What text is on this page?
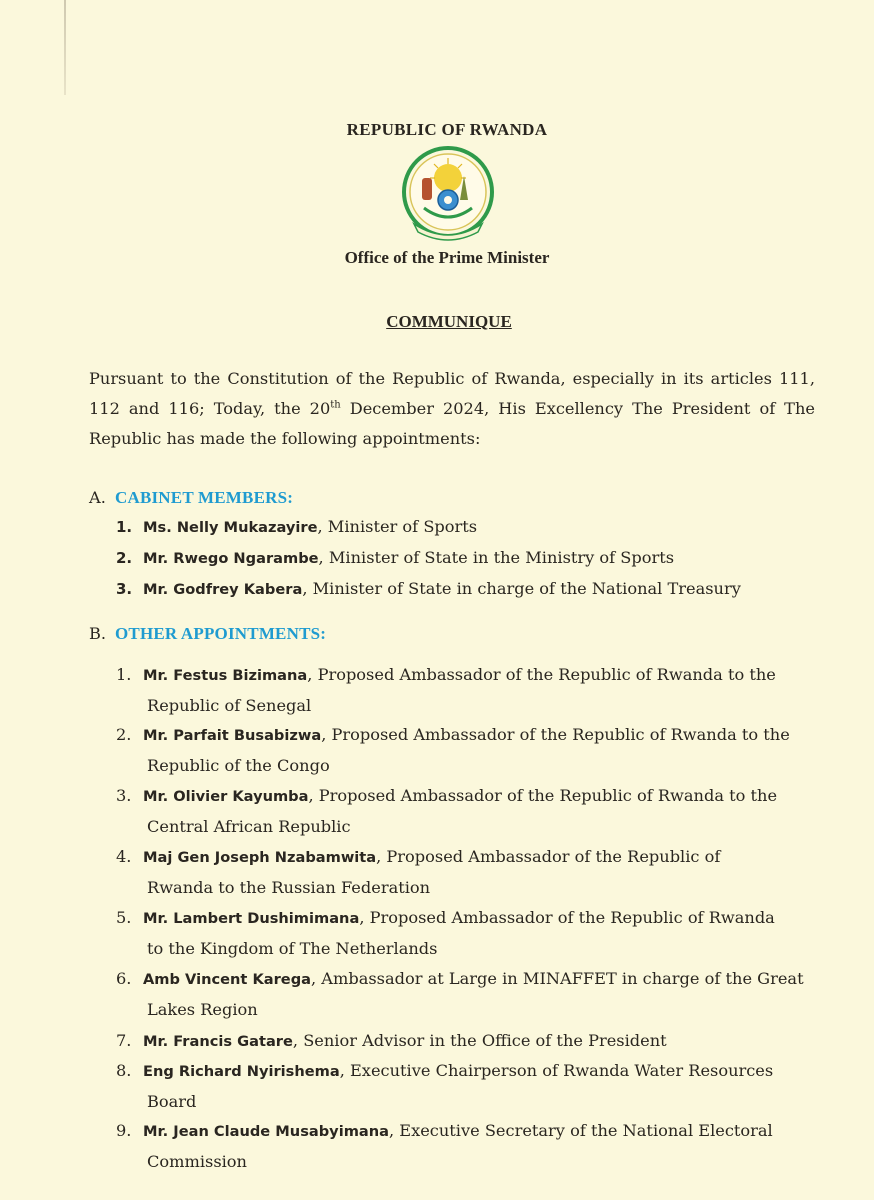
REPUBLIC OF RWANDA
Office of the Prime Minister
COMMUNIQUE
Pursuant to the Constitution of the Republic of Rwanda, especially in its articles 111,
112 and 116; Today, the 20th December 2024, His Excellency The President of The
Republic has made the following appointments:
A. CABINET MEMBERS:
1. Ms. Nelly Mukazayire, Minister of Sports
2. Mr. Rwego Ngarambe, Minister of State in the Ministry of Sports
3. Mr. Godfrey Kabera, Minister of State in charge of the National Treasury
B. OTHER APPOINTMENTS:
1. Mr. Festus Bizimana, Proposed Ambassador of the Republic of Rwanda to the
Republic of Senegal
2. Mr. Parfait Busabizwa, Proposed Ambassador of the Republic of Rwanda to the
Republic of the Congo
3. Mr. Olivier Kayumba, Proposed Ambassador of the Republic of Rwanda to the
Central African Republic
4. Maj Gen Joseph Nzabamwita, Proposed Ambassador of the Republic of
Rwanda to the Russian Federation
5. Mr. Lambert Dushimimana, Proposed Ambassador of the Republic of Rwanda
to the Kingdom of The Netherlands
6. Amb Vincent Karega, Ambassador at Large in MINAFFET in charge of the Great
Lakes Region
7. Mr. Francis Gatare, Senior Advisor in the Office of the President
8. Eng Richard Nyirishema, Executive Chairperson of Rwanda Water Resources
Board
9. Mr. Jean Claude Musabyimana, Executive Secretary of the National Electoral
Commission
